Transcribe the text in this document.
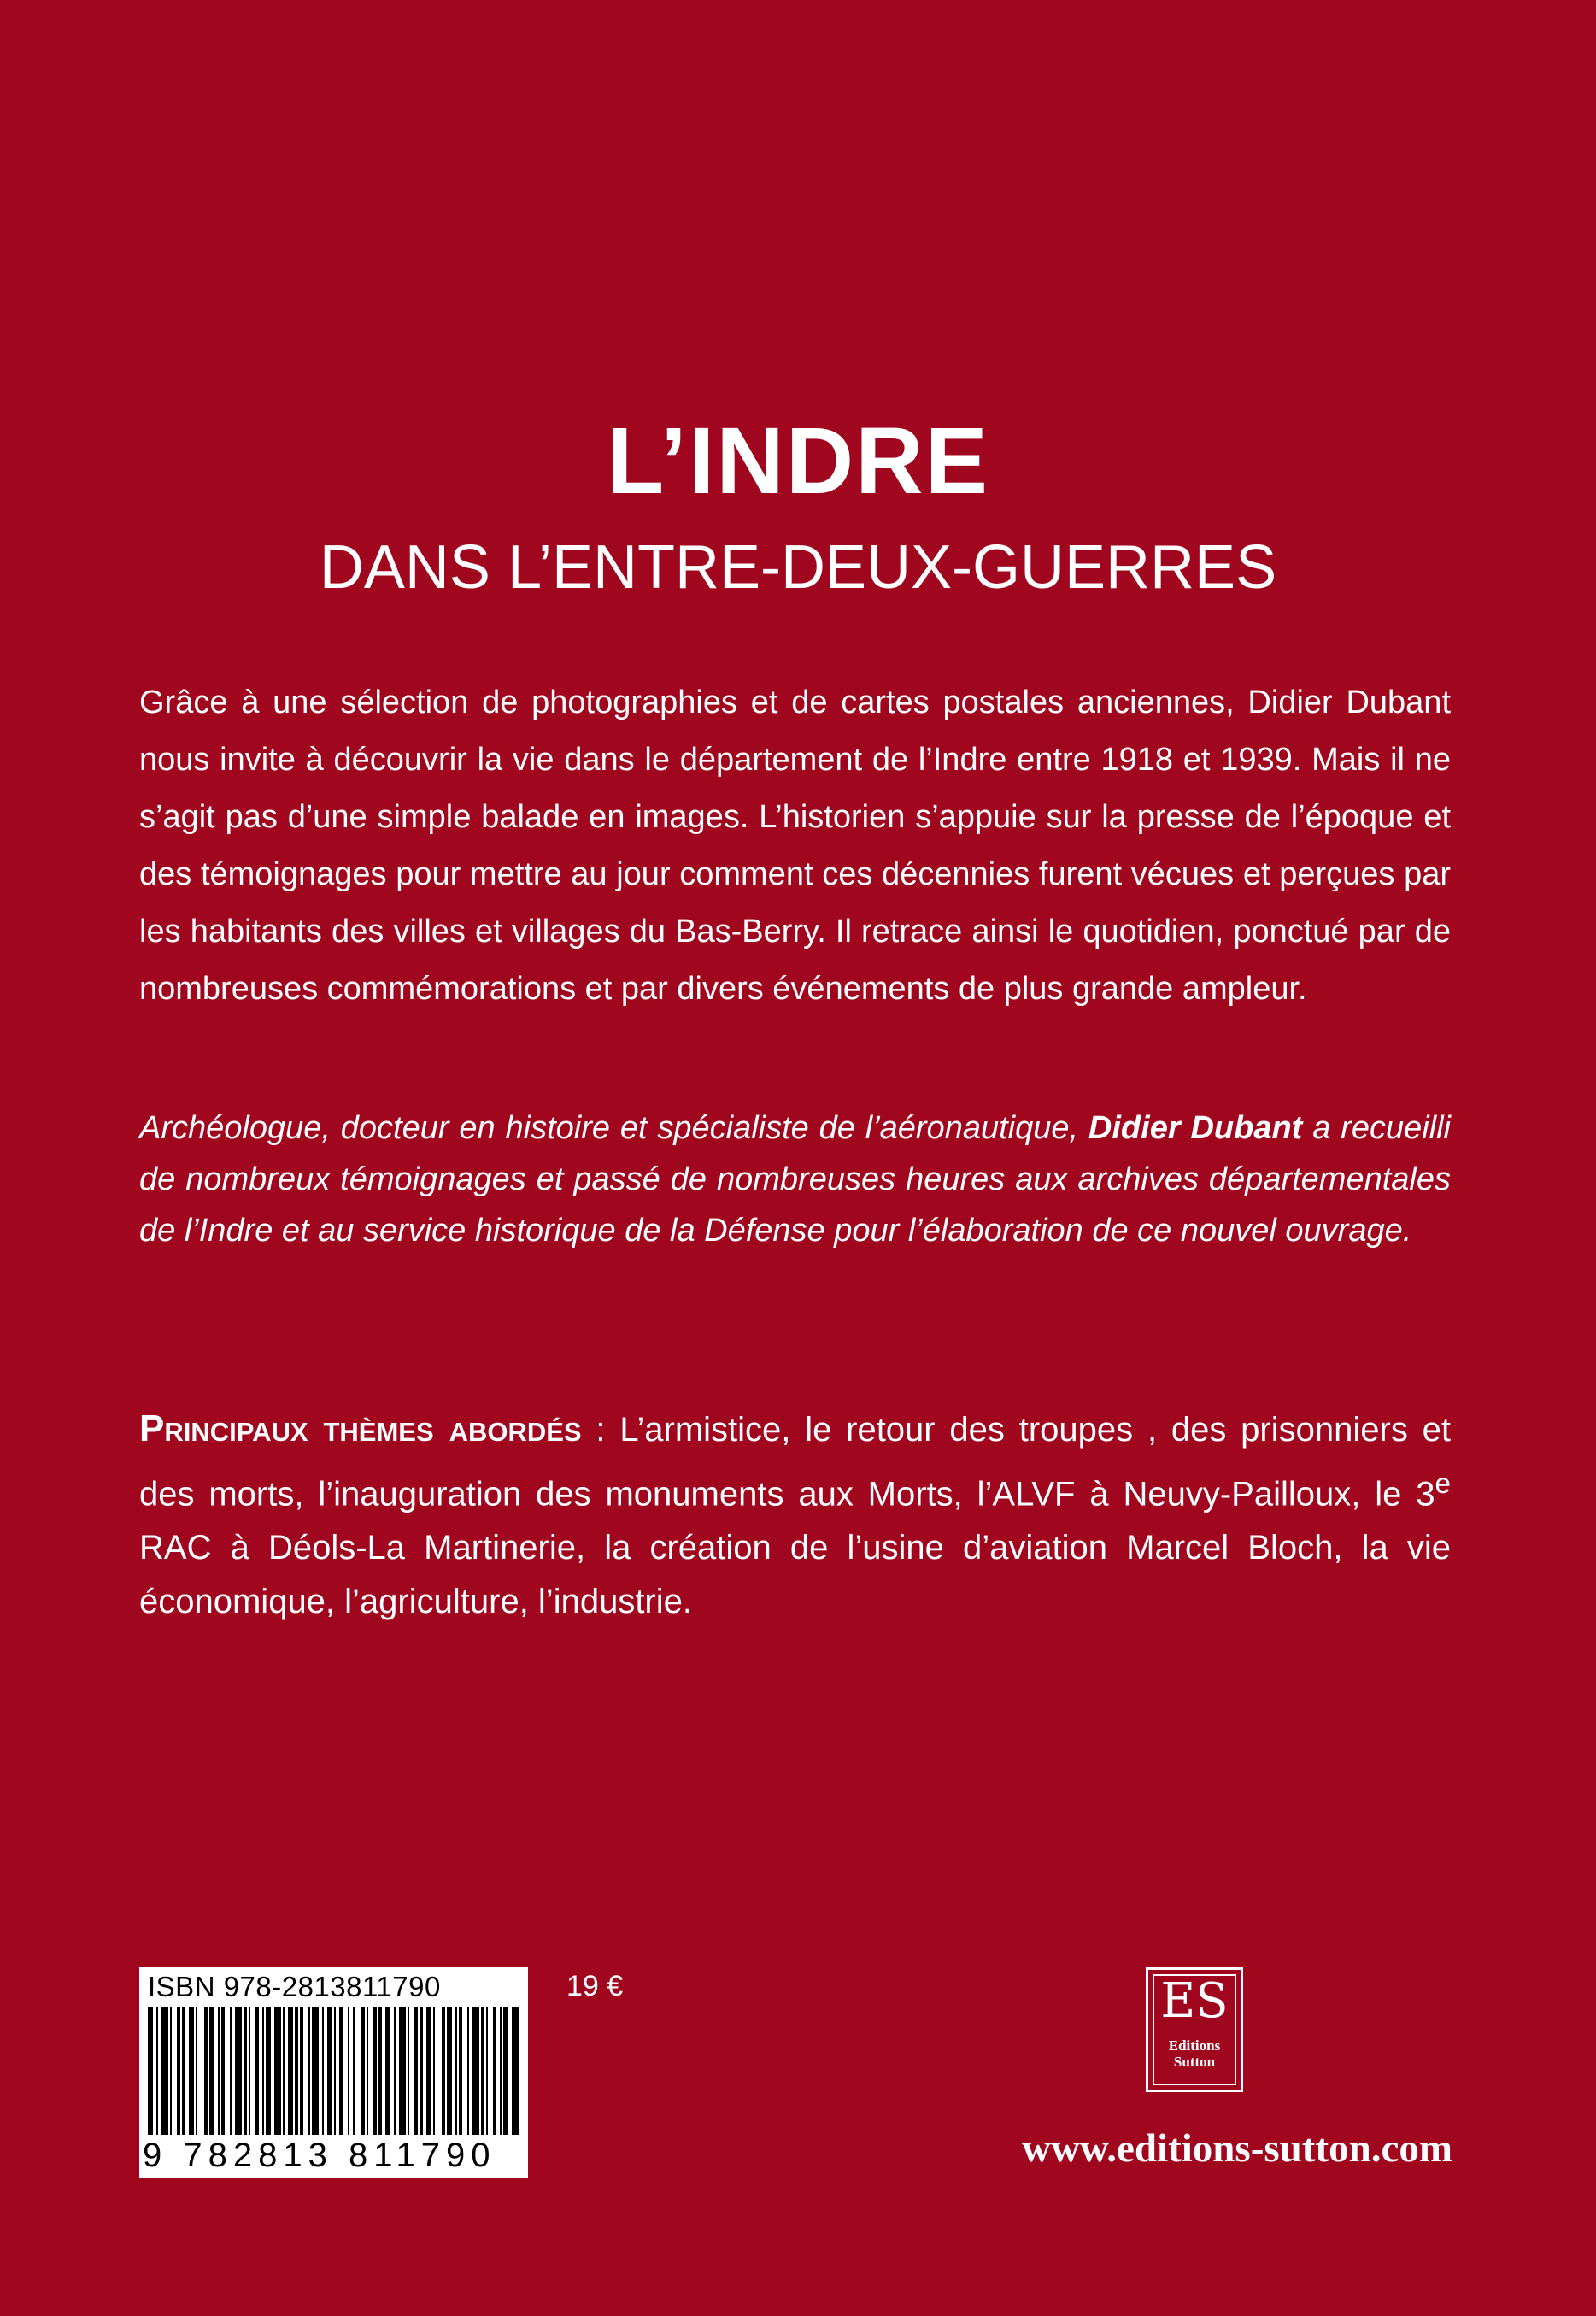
L’INDRE
DANS L’ENTRE-DEUX-GUERRES
Grâce à une sélection de photographies et de cartes postales anciennes, Didier Dubant nous invite à découvrir la vie dans le département de l’Indre entre 1918 et 1939. Mais il ne s’agit pas d’une simple balade en images. L’historien s’appuie sur la presse de l’époque et des témoignages pour mettre au jour comment ces décennies furent vécues et perçues par les habitants des villes et villages du Bas-Berry. Il retrace ainsi le quotidien, ponctué par de nombreuses commémorations et par divers événements de plus grande ampleur.
Archéologue, docteur en histoire et spécialiste de l’aéronautique, Didier Dubant a recueilli de nombreux témoignages et passé de nombreuses heures aux archives départementales de l’Indre et au service historique de la Défense pour l’élaboration de ce nouvel ouvrage.
Principaux thèmes abordés : L’armistice, le retour des troupes , des prisonniers et des morts, l’inauguration des monuments aux Morts, l’ALVF à Neuvy-Pailloux, le 3e RAC à Déols-La Martinerie, la création de l’usine d’aviation Marcel Bloch, la vie économique, l’agriculture, l’industrie.
ISBN 978-2813811790
9 782813 811790
19 €	ES
Editions
Sutton
www.editions-sutton.com
